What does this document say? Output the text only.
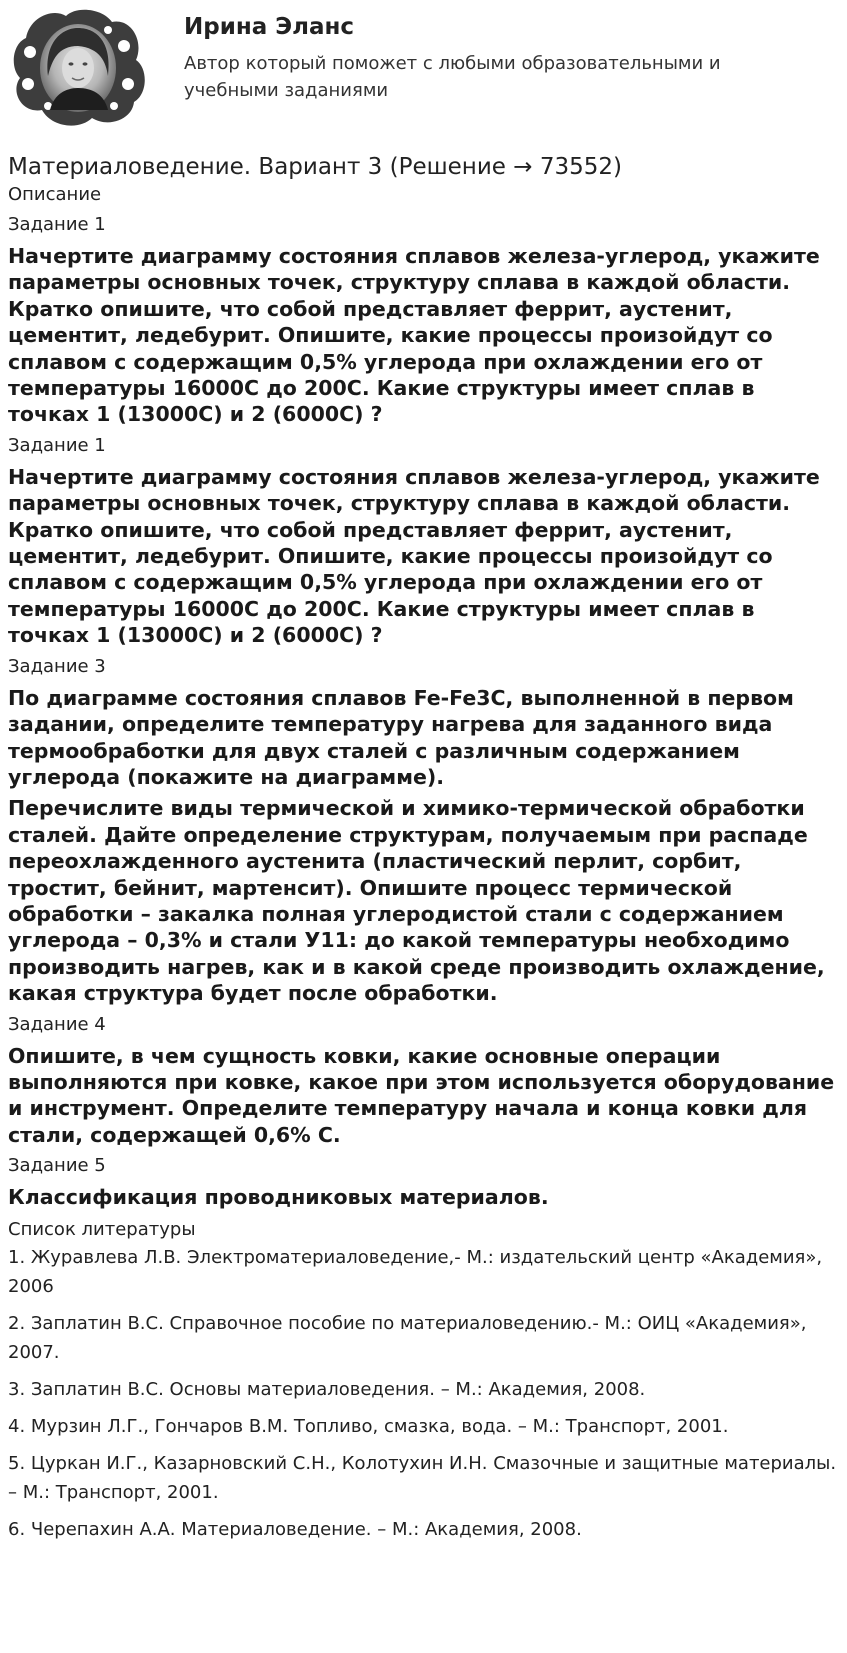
Ирина Эланс
Автор который поможет с любыми образовательными и учебными заданиями
Материаловедение. Вариант 3 (Решение → 73552)
Описание
Задание 1
Начертите диаграмму состояния сплавов железа-углерод, укажите параметры основных точек, структуру сплава в каждой области. Кратко опишите, что собой представляет феррит, аустенит, цементит, ледебурит. Опишите, какие процессы произойдут со сплавом с содержащим 0,5% углерода при охлаждении его от температуры 16000С до 200С. Какие структуры имеет сплав в точках 1 (13000С) и 2 (6000С) ?
Задание 1
Начертите диаграмму состояния сплавов железа-углерод, укажите параметры основных точек, структуру сплава в каждой области. Кратко опишите, что собой представляет феррит, аустенит, цементит, ледебурит. Опишите, какие процессы произойдут со сплавом с содержащим 0,5% углерода при охлаждении его от температуры 16000С до 200С. Какие структуры имеет сплав в точках 1 (13000С) и 2 (6000С) ?
Задание 3
По диаграмме состояния сплавов Fe-Fe3C, выполненной в первом задании, определите температуру нагрева для заданного вида термообработки для двух сталей с различным содержанием углерода (покажите на диаграмме).
Перечислите виды термической и химико-термической обработки сталей. Дайте определение структурам, получаемым при распаде переохлажденного аустенита (пластический перлит, сорбит, тростит, бейнит, мартенсит). Опишите процесс термической обработки – закалка полная углеродистой стали с содержанием углерода – 0,3% и стали У11: до какой температуры необходимо производить нагрев, как и в какой среде производить охлаждение, какая структура будет после обработки.
Задание 4
Опишите, в чем сущность ковки, какие основные операции выполняются при ковке, какое при этом используется оборудование и инструмент. Определите температуру начала и конца ковки для стали, содержащей 0,6% С.
Задание 5
Классификация проводниковых материалов.
Список литературы
1. Журавлева Л.В. Электроматериаловедение,- М.: издательский центр «Академия», 2006
2. Заплатин В.С. Справочное пособие по материаловедению.- М.: ОИЦ «Академия», 2007.
3. Заплатин В.С. Основы материаловедения. – М.: Академия, 2008.
4. Мурзин Л.Г., Гончаров В.М. Топливо, смазка, вода. – М.: Транспорт, 2001.
5. Цуркан И.Г., Казарновский С.Н., Колотухин И.Н. Смазочные и защитные материалы. – М.: Транспорт, 2001.
6. Черепахин А.А. Материаловедение. – М.: Академия, 2008.
